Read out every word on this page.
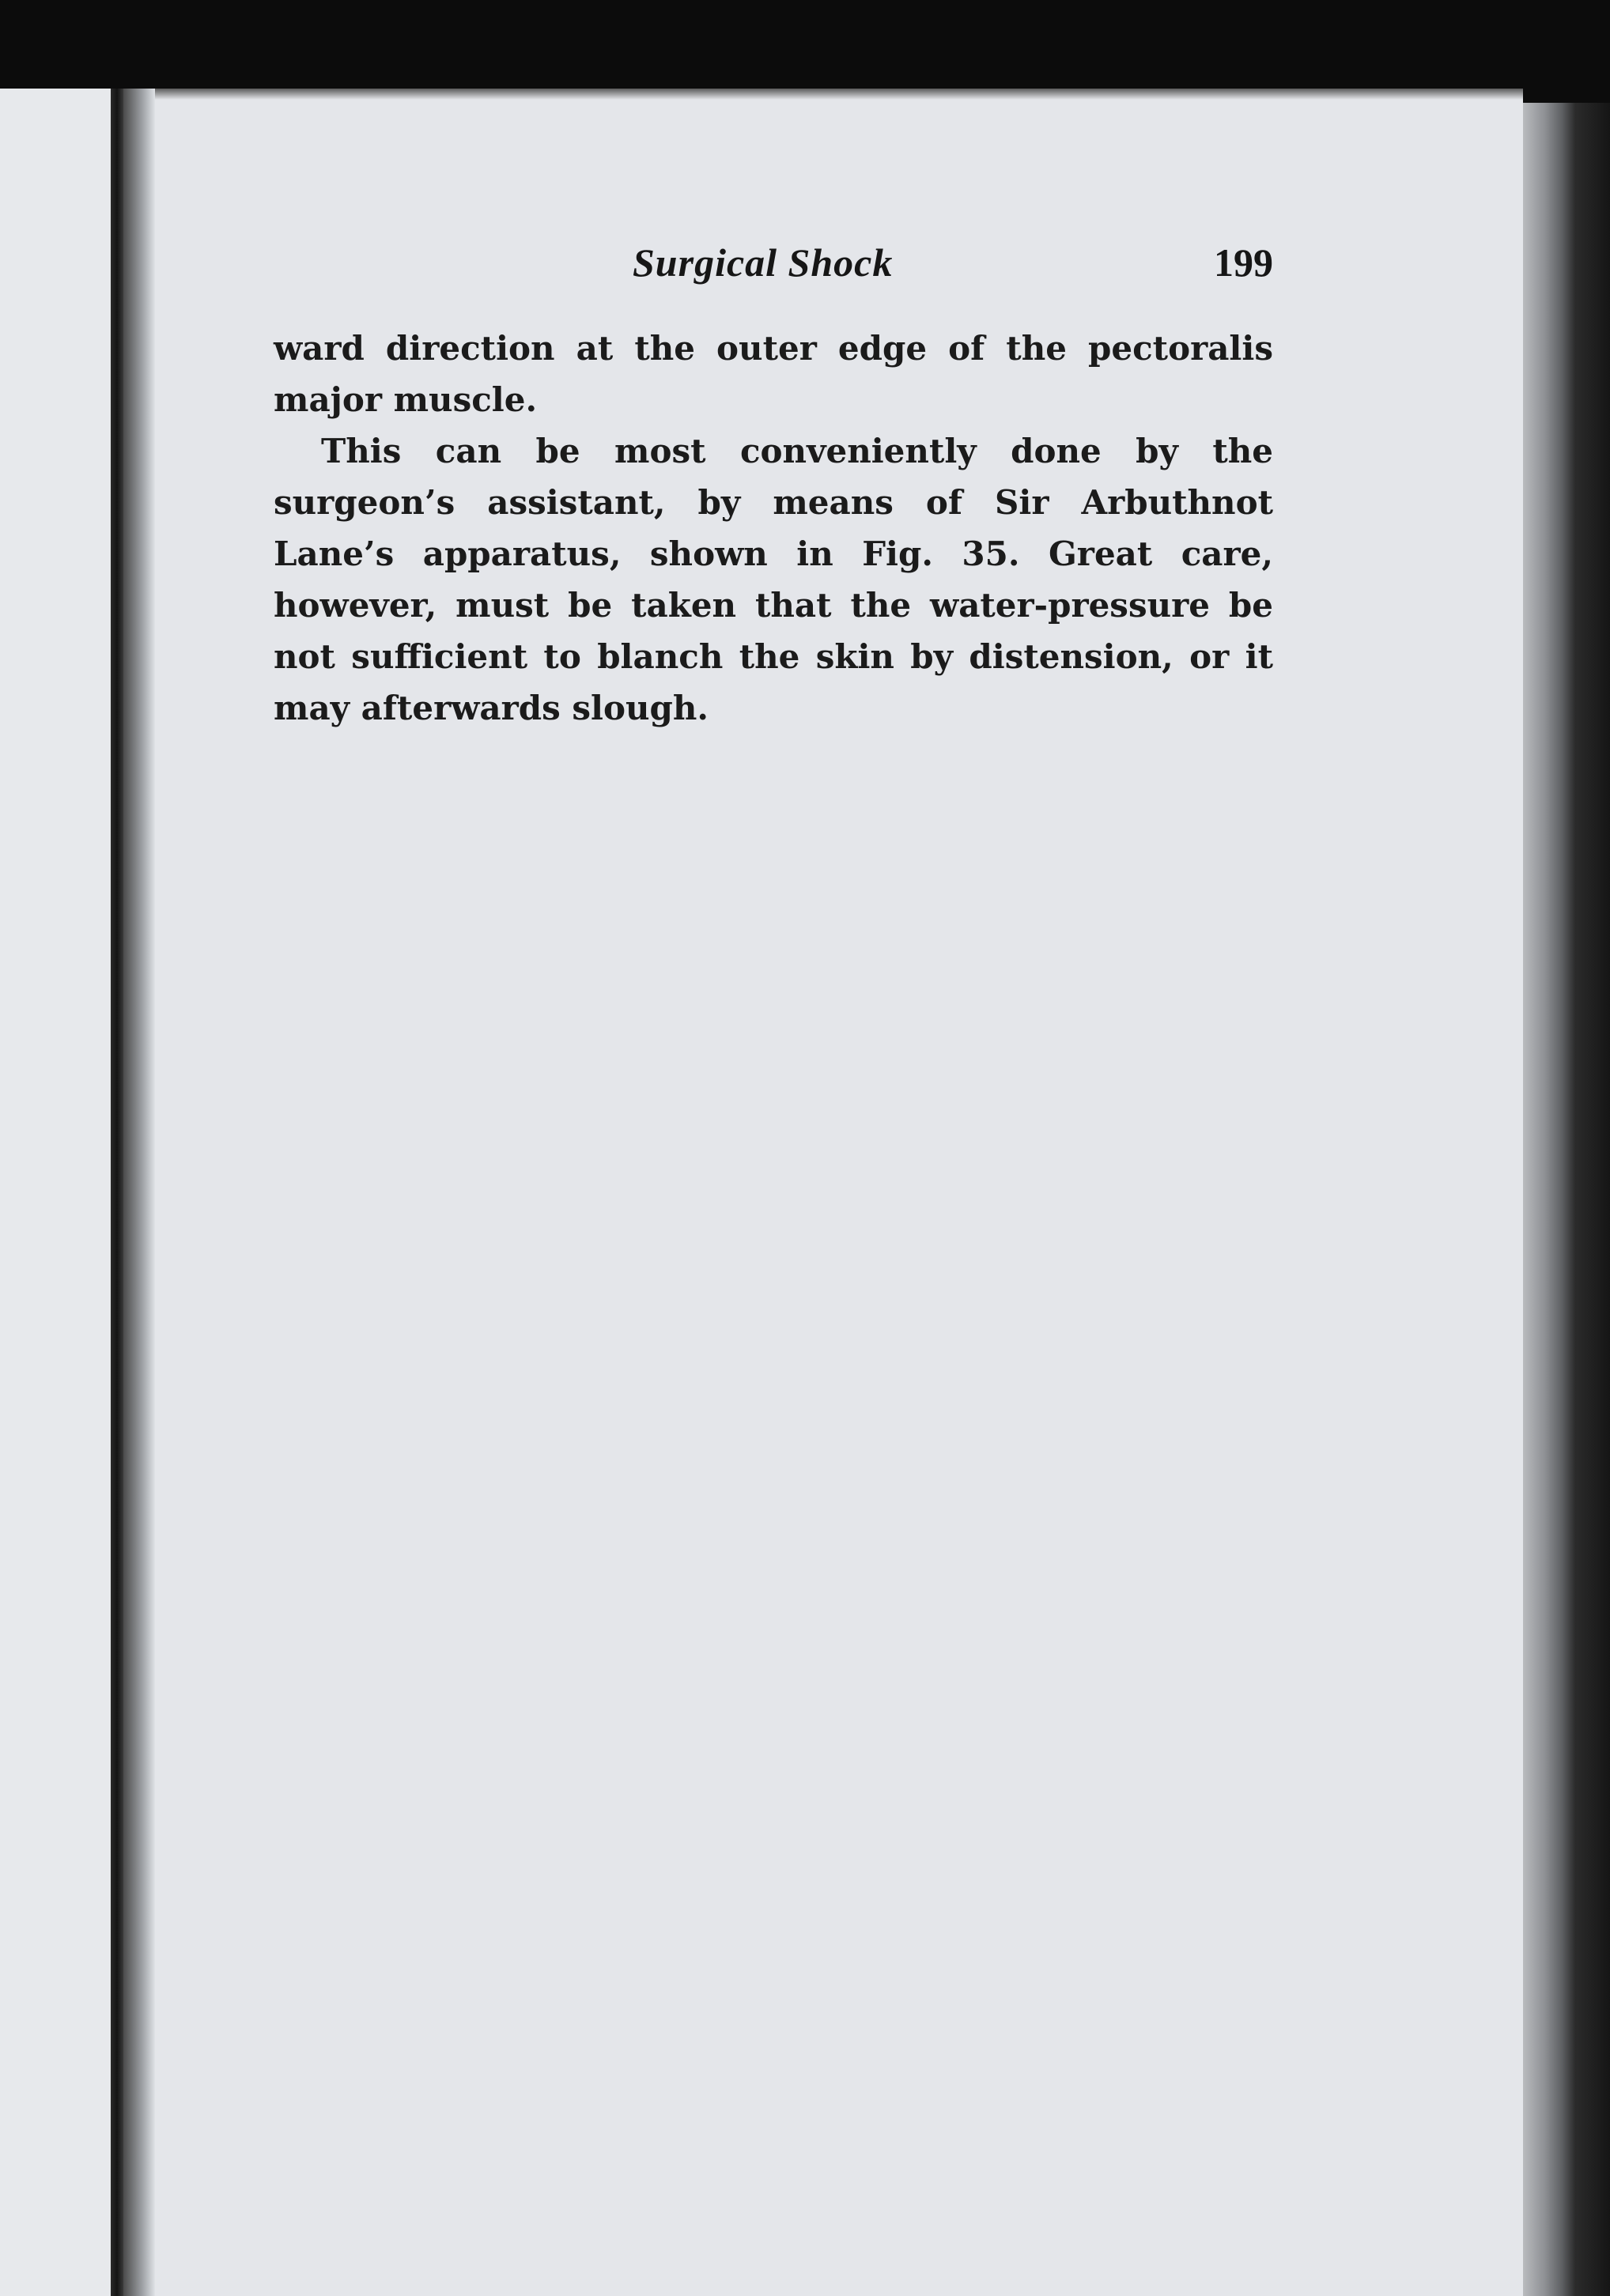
Surgical Shock	199

ward direction at the outer edge of the pectoralis major muscle.

This can be most conveniently done by the surgeon’s assistant, by means of Sir Arbuthnot Lane’s apparatus, shown in Fig. 35. Great care, however, must be taken that the water-pressure be not sufficient to blanch the skin by distension, or it may afterwards slough.
